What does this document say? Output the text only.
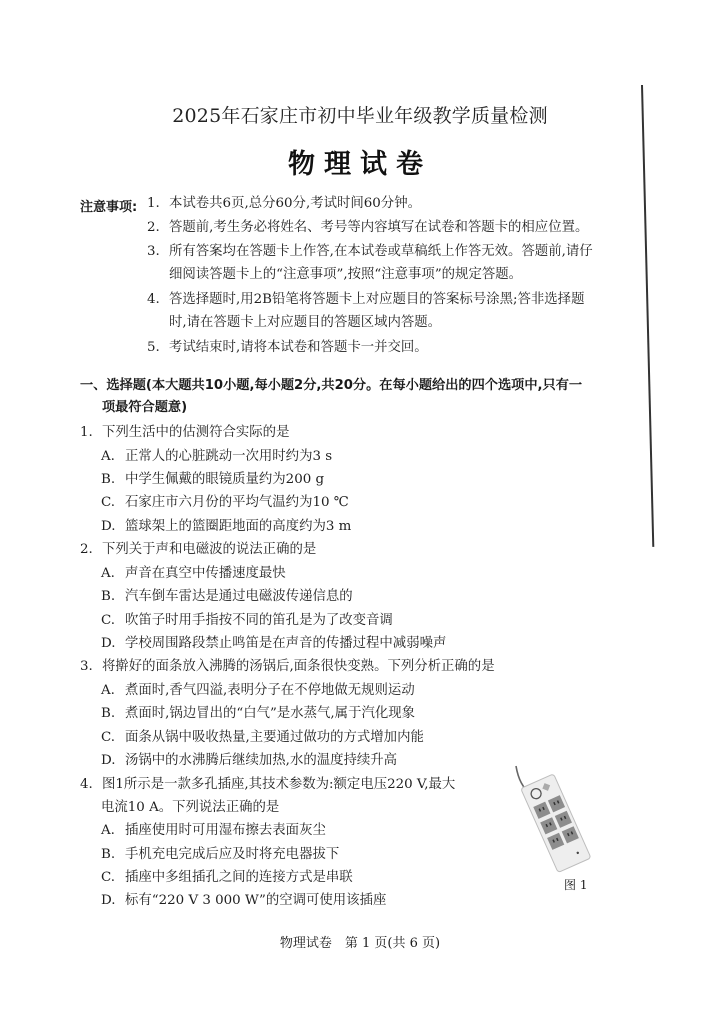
2025年石家庄市初中毕业年级教学质量检测
物理试卷
注意事项: 1. 本试卷共6页,总分60分,考试时间60分钟。
2. 答题前,考生务必将姓名、考号等内容填写在试卷和答题卡的相应位置。
3. 所有答案均在答题卡上作答,在本试卷或草稿纸上作答无效。答题前,请仔
细阅读答题卡上的“注意事项”,按照“注意事项”的规定答题。
4. 答选择题时,用2B铅笔将答题卡上对应题目的答案标号涂黑;答非选择题
时,请在答题卡上对应题目的答题区域内答题。
5. 考试结束时,请将本试卷和答题卡一并交回。
一、选择题(本大题共10小题,每小题2分,共20分。在每小题给出的四个选项中,只有一
项最符合题意)
1. 下列生活中的估测符合实际的是
A. 正常人的心脏跳动一次用时约为3 s
B. 中学生佩戴的眼镜质量约为200 g
C. 石家庄市六月份的平均气温约为10 ℃
D. 篮球架上的篮圈距地面的高度约为3 m
2. 下列关于声和电磁波的说法正确的是
A. 声音在真空中传播速度最快
B. 汽车倒车雷达是通过电磁波传递信息的
C. 吹笛子时用手指按不同的笛孔是为了改变音调
D. 学校周围路段禁止鸣笛是在声音的传播过程中减弱噪声
3. 将擀好的面条放入沸腾的汤锅后,面条很快变熟。下列分析正确的是
A. 煮面时,香气四溢,表明分子在不停地做无规则运动
B. 煮面时,锅边冒出的“白气”是水蒸气,属于汽化现象
C. 面条从锅中吸收热量,主要通过做功的方式增加内能
D. 汤锅中的水沸腾后继续加热,水的温度持续升高
4. 图1所示是一款多孔插座,其技术参数为:额定电压220 V,最大
电流10 A。下列说法正确的是
A. 插座使用时可用湿布擦去表面灰尘
B. 手机充电完成后应及时将充电器拔下
C. 插座中多组插孔之间的连接方式是串联
D. 标有“220 V 3 000 W”的空调可使用该插座
图 1
物理试卷　第 1 页(共 6 页)
